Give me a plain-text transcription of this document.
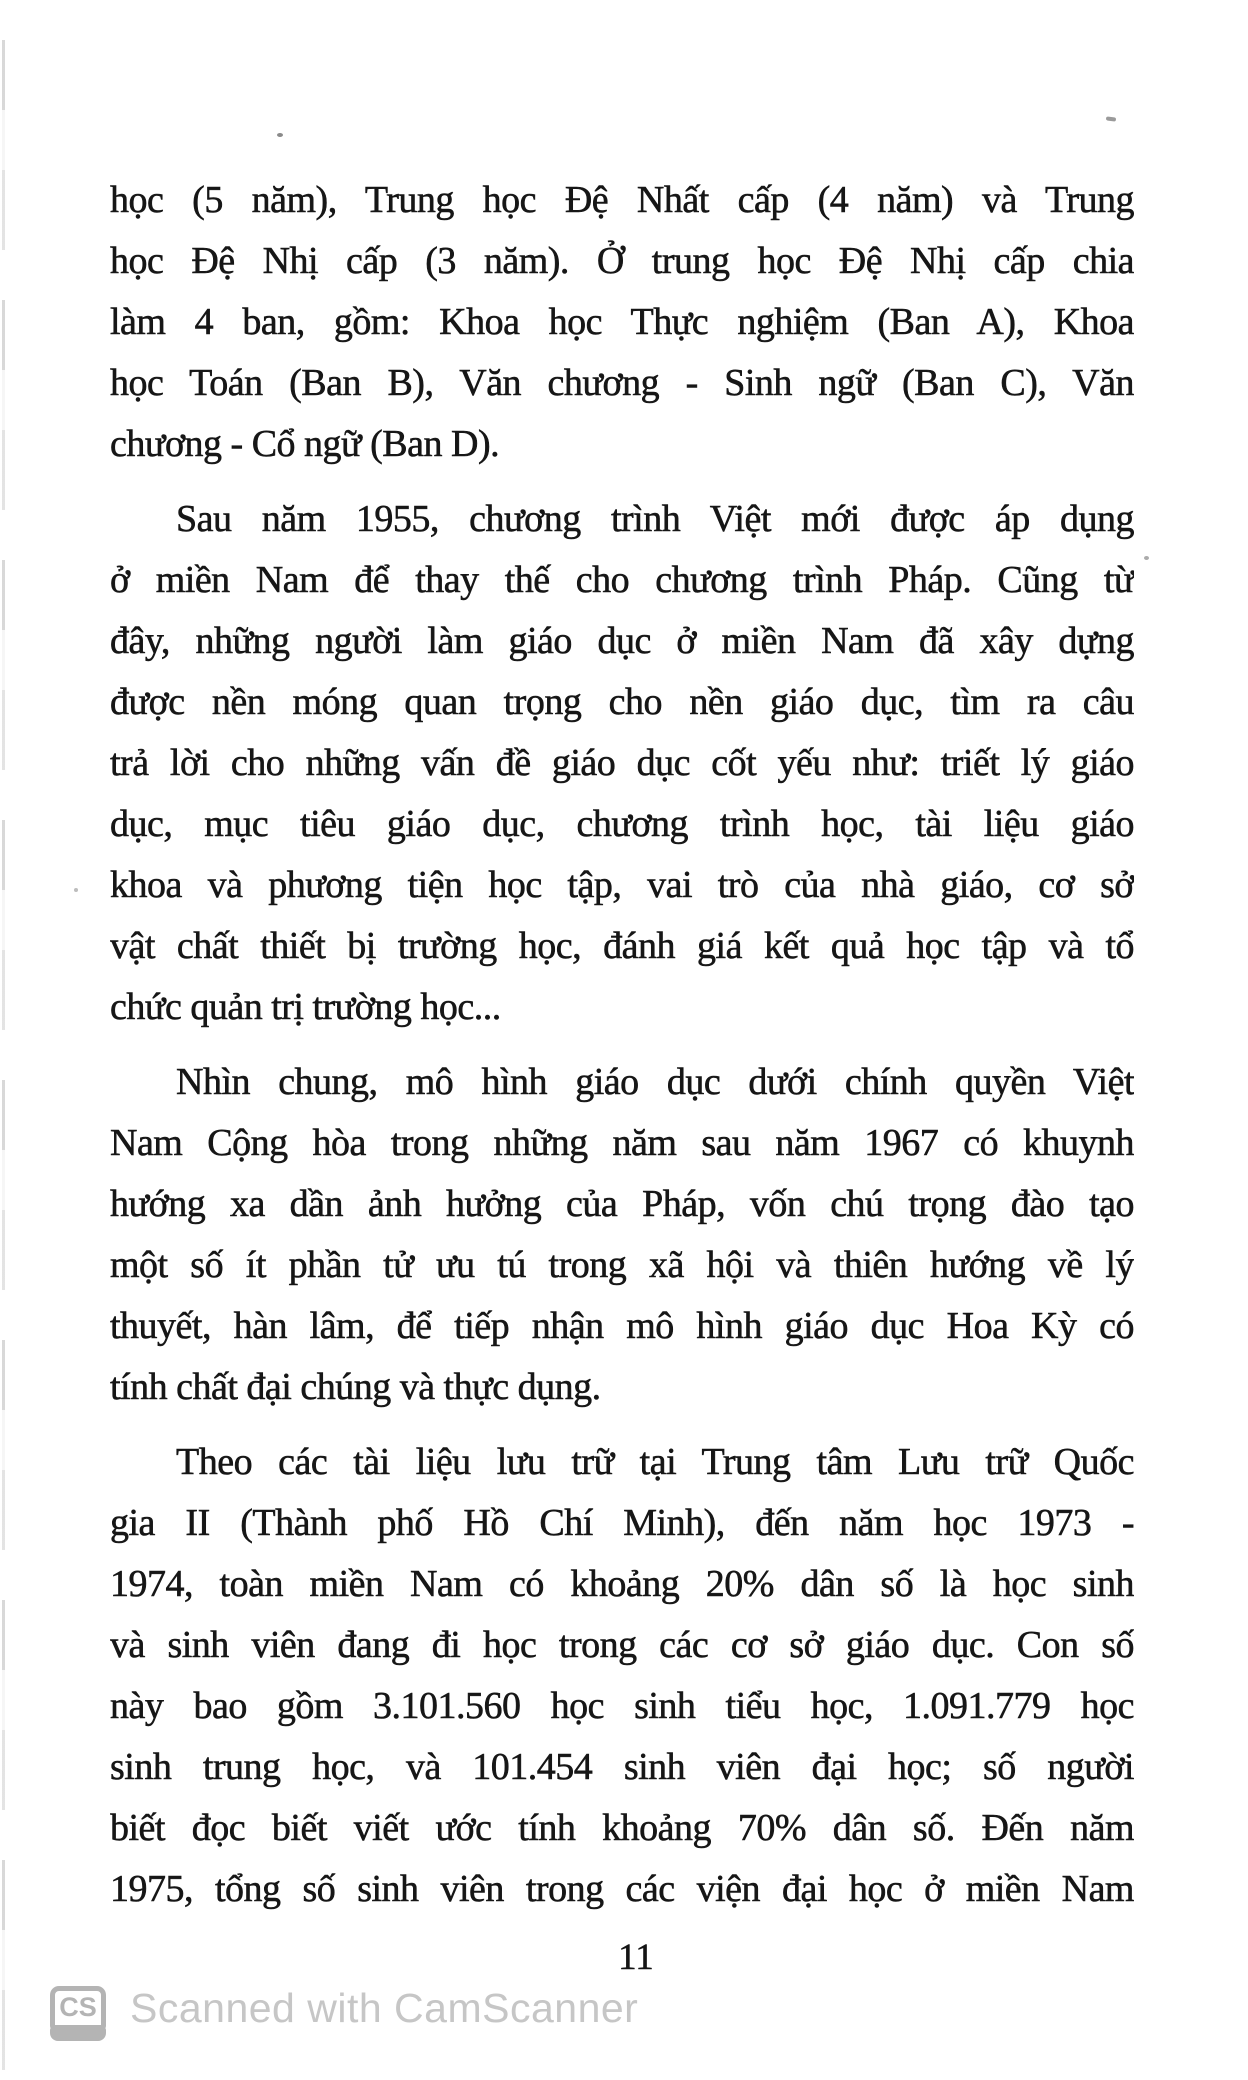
học (5 năm), Trung học Đệ Nhất cấp (4 năm) và Trung
học Đệ Nhị cấp (3 năm). Ở trung học Đệ Nhị cấp chia
làm 4 ban, gồm: Khoa học Thực nghiệm (Ban A), Khoa
học Toán (Ban B), Văn chương - Sinh ngữ (Ban C), Văn
chương - Cổ ngữ (Ban D).
Sau năm 1955, chương trình Việt mới được áp dụng
ở miền Nam để thay thế cho chương trình Pháp. Cũng từ
đây, những người làm giáo dục ở miền Nam đã xây dựng
được nền móng quan trọng cho nền giáo dục, tìm ra câu
trả lời cho những vấn đề giáo dục cốt yếu như: triết lý giáo
dục, mục tiêu giáo dục, chương trình học, tài liệu giáo
khoa và phương tiện học tập, vai trò của nhà giáo, cơ sở
vật chất thiết bị trường học, đánh giá kết quả học tập và tổ
chức quản trị trường học...
Nhìn chung, mô hình giáo dục dưới chính quyền Việt
Nam Cộng hòa trong những năm sau năm 1967 có khuynh
hướng xa dần ảnh hưởng của Pháp, vốn chú trọng đào tạo
một số ít phần tử ưu tú trong xã hội và thiên hướng về lý
thuyết, hàn lâm, để tiếp nhận mô hình giáo dục Hoa Kỳ có
tính chất đại chúng và thực dụng.
Theo các tài liệu lưu trữ tại Trung tâm Lưu trữ Quốc
gia II (Thành phố Hồ Chí Minh), đến năm học 1973 -
1974, toàn miền Nam có khoảng 20% dân số là học sinh
và sinh viên đang đi học trong các cơ sở giáo dục. Con số
này bao gồm 3.101.560 học sinh tiểu học, 1.091.779 học
sinh trung học, và 101.454 sinh viên đại học; số người
biết đọc biết viết ước tính khoảng 70% dân số. Đến năm
1975, tổng số sinh viên trong các viện đại học ở miền Nam
11
CS Scanned with CamScanner
